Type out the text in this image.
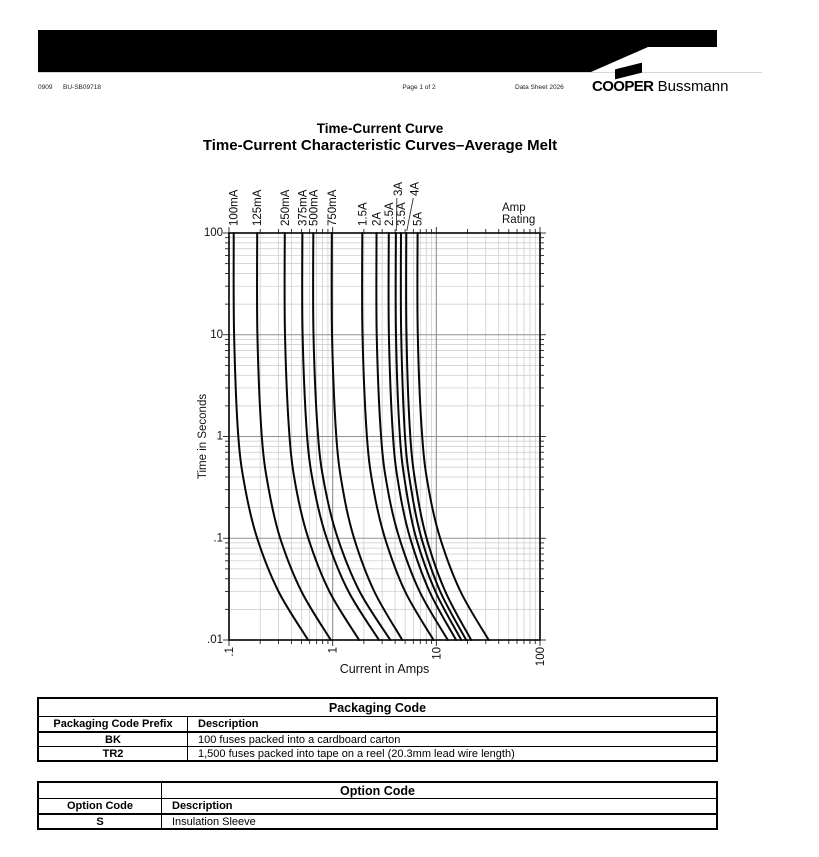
COOPER Bussmann
0909 BU-SB09718	Page 1 of 2	Data Sheet 2026
Time-Current Curve
Time-Current Characteristic Curves–Average Melt
100mA 125mA 250mA 375mA
500mA 750mA 1.5A 2A 2.5A
3A
3.5A
4A
5A
.1	1	10	100
100
10
1
.1
.01
Current in Amps
Time in Seconds
Amp
Rating
Packaging Code
Packaging Code Prefix	Description
BK	100 fuses packed into a cardboard carton
TR2	1,500 fuses packed into tape on a reel (20.3mm lead wire length)
Option Code
Option Code	Description
S	Insulation Sleeve
